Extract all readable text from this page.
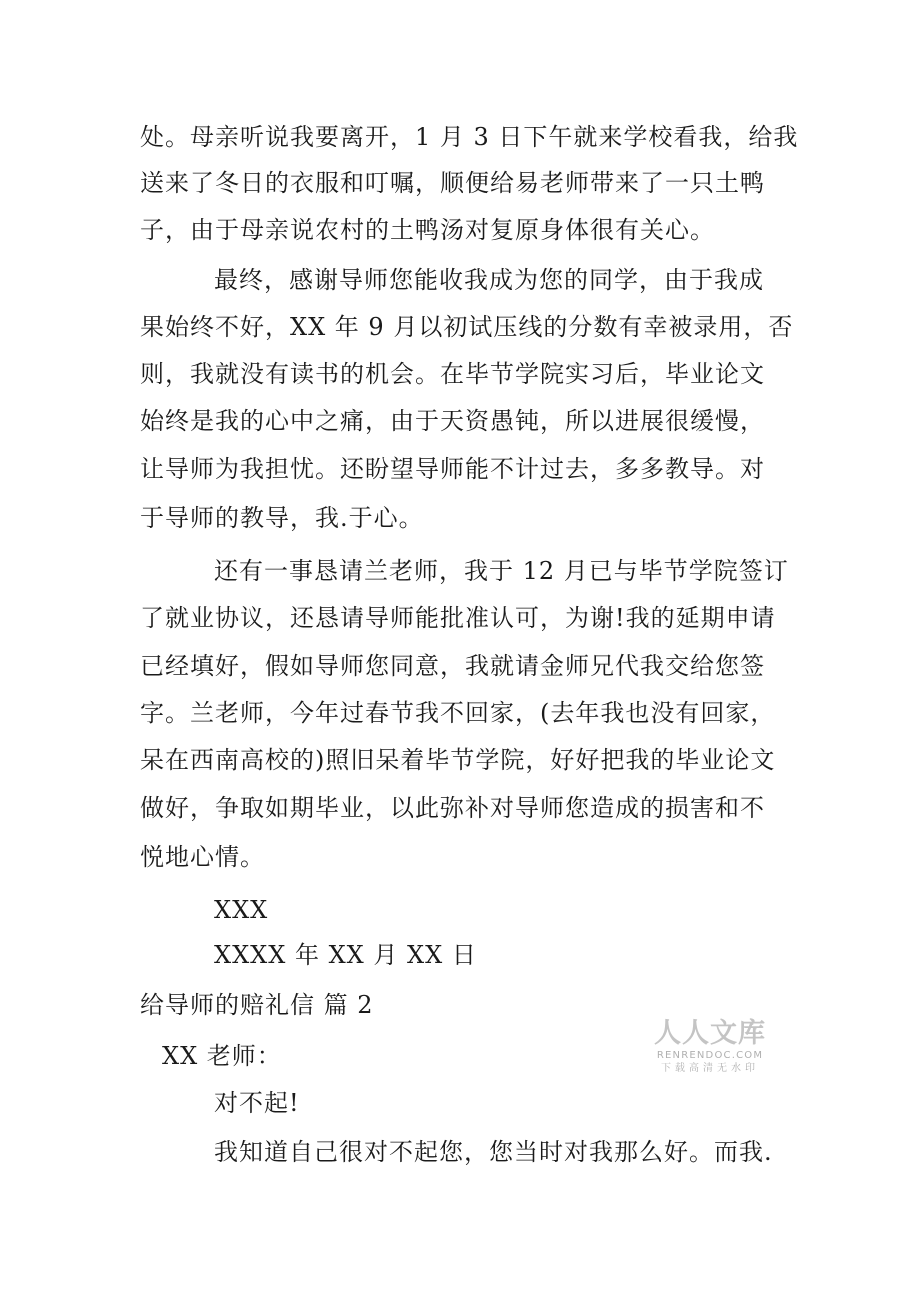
处。母亲听说我要离开，1 月 3 日下午就来学校看我，给我
送来了冬日的衣服和叮嘱，顺便给易老师带来了一只土鸭
子，由于母亲说农村的土鸭汤对复原身体很有关心。
最终，感谢导师您能收我成为您的同学，由于我成
果始终不好，XX 年 9 月以初试压线的分数有幸被录用，否
则，我就没有读书的机会。在毕节学院实习后，毕业论文
始终是我的心中之痛，由于天资愚钝，所以进展很缓慢，
让导师为我担忧。还盼望导师能不计过去，多多教导。对
于导师的教导，我.于心。
还有一事恳请兰老师，我于 12 月已与毕节学院签订
了就业协议，还恳请导师能批准认可，为谢!我的延期申请
已经填好，假如导师您同意，我就请金师兄代我交给您签
字。兰老师，今年过春节我不回家，(去年我也没有回家，
呆在西南高校的)照旧呆着毕节学院，好好把我的毕业论文
做好，争取如期毕业，以此弥补对导师您造成的损害和不
悦地心情。
XXX
XXXX 年 XX 月 XX 日
给导师的赔礼信 篇 2
XX 老师：
对不起!
我知道自己很对不起您，您当时对我那么好。而我.
人人文库
RENRENDOC.COM
下载高清无水印
